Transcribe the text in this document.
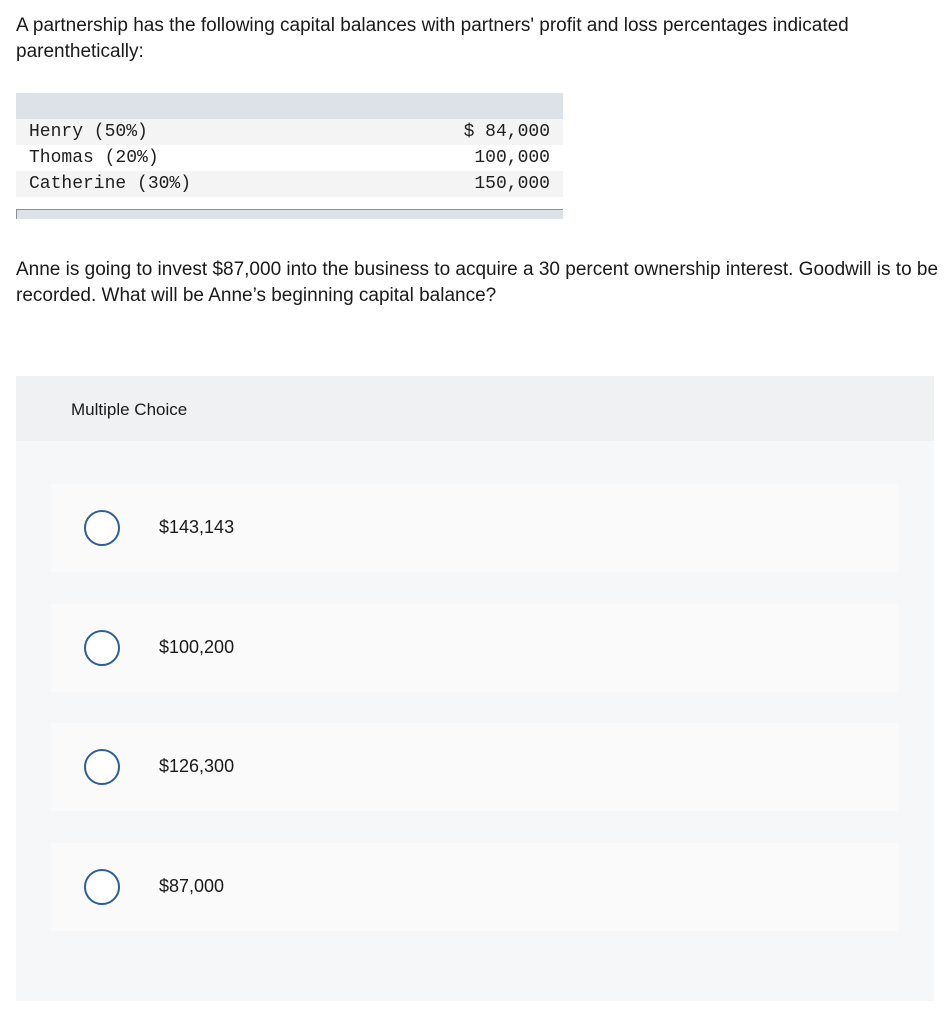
A partnership has the following capital balances with partners' profit and loss percentages indicated parenthetically:

Henry (50%)	$ 84,000
Thomas (20%)	100,000
Catherine (30%)	150,000

Anne is going to invest $87,000 into the business to acquire a 30 percent ownership interest. Goodwill is to be recorded. What will be Anne’s beginning capital balance?

Multiple Choice
$143,143
$100,200
$126,300
$87,000
